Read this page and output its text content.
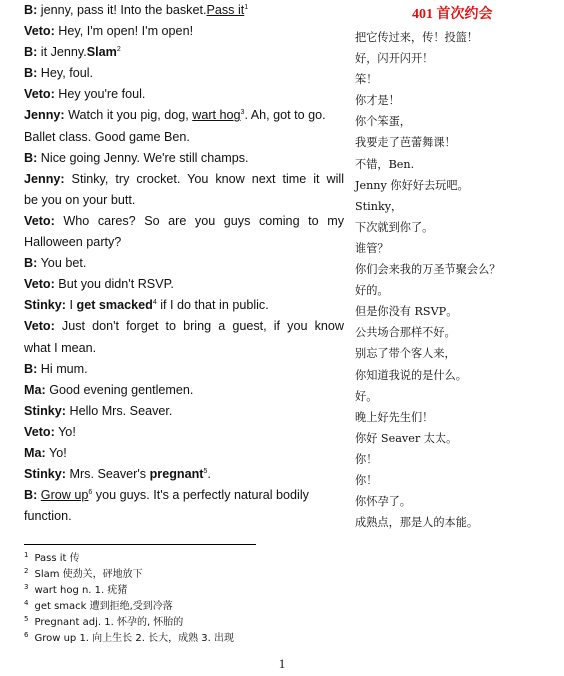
401 首次约会
B: jenny, pass it! Into the basket.Pass $it^1$
Veto: Hey, I'm open! I'm open!
B: it Jenny.Slam$^2$
B: Hey, foul.
Veto: Hey you're foul.
Jenny: Watch it you pig, dog, wart hog$^3$. Ah, got to go.
Ballet class. Good game Ben.
B: Nice going Jenny. We're still champs.
Jenny: Stinky, try crocket. You know next time it will
be you on your butt.
Veto: Who cares? So are you guys coming to my
Halloween party?
B: You bet.
Veto: But you didn't RSVP.
Stinky: I get smacked$^4$ if I do that in public.
Veto: Just don't forget to bring a guest, if you know
what I mean.
B: Hi mum.
Ma: Good evening gentlemen.
Stinky: Hello Mrs. Seaver.
Veto: Yo!
Ma: Yo!
Stinky: Mrs. Seaver's pregnant$^5$.
B: Grow $up^6$ you guys. It's a perfectly natural bodily
function.
把它传过来，传！投篮！
好，闪开闪开！
笨！
你才是！
你个笨蛋，
我要走了芭蕾舞课！
不错，Ben.
Jenny 你好好去玩吧。
Stinky，
下次就到你了。
谁管？
你们会来我的万圣节聚会么？
好的。
但是你没有 RSVP。
公共场合那样不好。
别忘了带个客人来，
你知道我说的是什么。
好。
晚上好先生们！
你好 Seaver 太太。
你！
你！
你怀孕了。
成熟点，那是人的本能。
$^1$ Pass it 传
$^2$ Slam 使劲关，砰地放下
$^3$ wart hog n. 1. 疣猪
$^4$ get smack 遭到拒绝,受到冷落
$^5$ Pregnant adj. 1. 怀孕的, 怀胎的
$^6$ Grow up 1. 向上生长 2. 长大，成熟 3. 出现
1
